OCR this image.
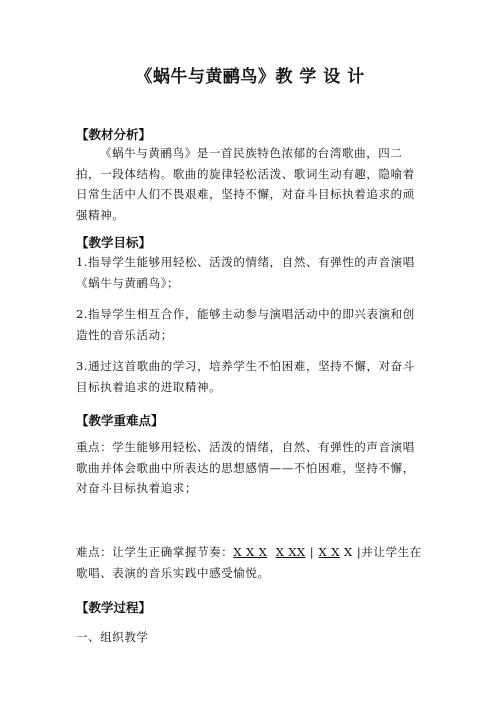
《蜗牛与黄鹂鸟》教 学 设 计
【教材分析】

《蜗牛与黄鹂鸟》是一首民族特色浓郁的台湾歌曲，四二拍，一段体结构。歌曲的旋律轻松活泼、歌词生动有趣，隐喻着日常生活中人们不畏艰难，坚持不懈，对奋斗目标执着追求的顽强精神。

【教学目标】
1.指导学生能够用轻松、活泼的情绪，自然、有弹性的声音演唱《蜗牛与黄鹂鸟》；
2.指导学生相互合作，能够主动参与演唱活动中的即兴表演和创造性的音乐活动；
3.通过这首歌曲的学习，培养学生不怕困难，坚持不懈，对奋斗目标执着追求的进取精神。
【教学重难点】
重点：学生能够用轻松、活泼的情绪，自然、有弹性的声音演唱歌曲并体会歌曲中所表达的思想感情——不怕困难，坚持不懈，对奋斗目标执着追求；
难点：让学生正确掌握节奏：X X X X XX | X X X |并让学生在歌唱、表演的音乐实践中感受愉悦。
【教学过程】
一、组织教学
